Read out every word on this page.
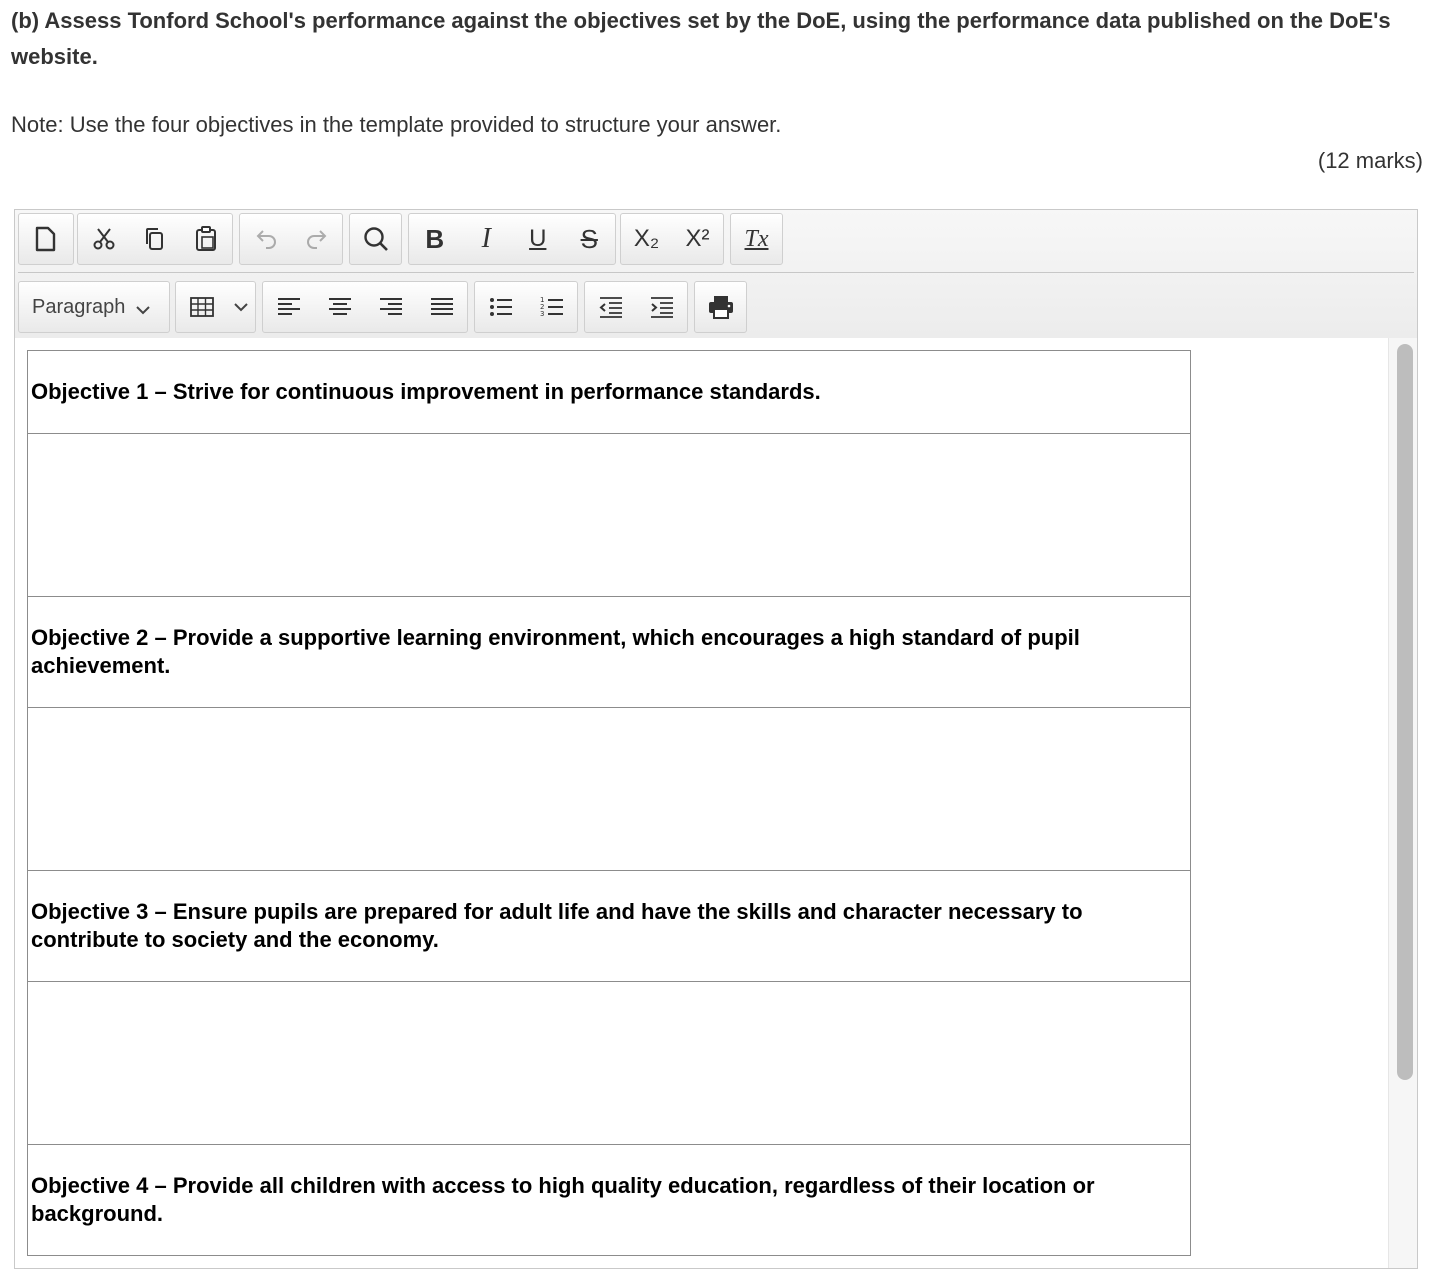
(b) Assess Tonford School's performance against the objectives set by the DoE, using the performance data published on the DoE's website.
Note: Use the four objectives in the template provided to structure your answer.
(12 marks)
B I U S X₂ X² Tx
Paragraph	1
2
3
Objective 1 – Strive for continuous improvement in performance standards.

Objective 2 – Provide a supportive learning environment, which encourages a high standard of pupil achievement.

Objective 3 – Ensure pupils are prepared for adult life and have the skills and character necessary to contribute to society and the economy.

Objective 4 – Provide all children with access to high quality education, regardless of their location or background.
